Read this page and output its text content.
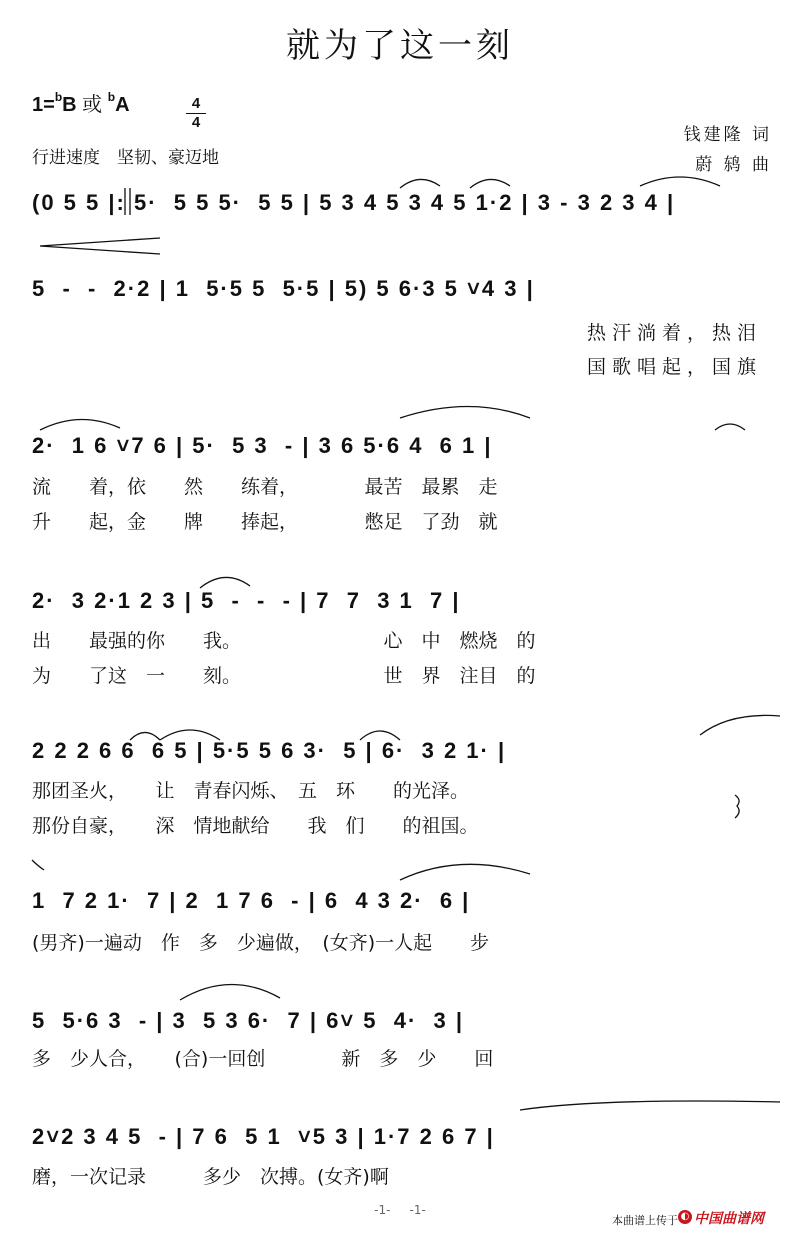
就为了这一刻
1=$^b$B 或 $^b$A	4
4
行进速度　坚韧、豪迈地
钱建隆 词
蔚 鸫 曲
(0 5 5 |: 5·  5 5 5·  5 5 | 5 3 4 5 3 4 5 1·2 | 3 - 3 2 3 4 |
5  -  -  2·2 | 1  5·5 5  5·5 | 5) 5 6·3 5 ˅4 3 |
热汗淌着，热泪
国歌唱起，国旗
2·  1 6 ˅7 6 | 5·  5 3  - | 3 6 5·6 4  6 1 |
流　　着，依　　然　　练着，　　　　最苦　最累　走
升　　起，金　　牌　　捧起，　　　　憋足　了劲　就
2·  3 2·1 2 3 | 5  -  -  - | 7  7  3 1  7 |
出　　最强的你　　我。　　　　　　　　心　中　燃烧　的
为　　了这　一　　刻。　　　　　　　　世　界　注目　的
2 2 2 6 6  6 5 | 5·5 5 6 3·  5 | 6·  3 2 1· |
那团圣火，　　让　青春闪烁、　五　环　　的光泽。
那份自豪，　　深　情地献给　　我　们　　的祖国。
1  7 2 1·  7 | 2  1 7 6  - | 6  4 3 2·  6 |
(男齐)一遍动　作　多　少遍做，　(女齐)一人起　　步
5  5·6 3  - | 3  5 3 6·  7 | 6˅ 5  4·  3 |
多　少人合，　　(合)一回创　　　　新　多　少　　回
2˅2 3 4 5  - | 7 6  5 1  ˅5 3 | 1·7 2 6 7 |
磨，一次记录　　　多少　次搏。(女齐)啊
-1- -1-
本曲谱上传于 ◐ 中国曲谱网
